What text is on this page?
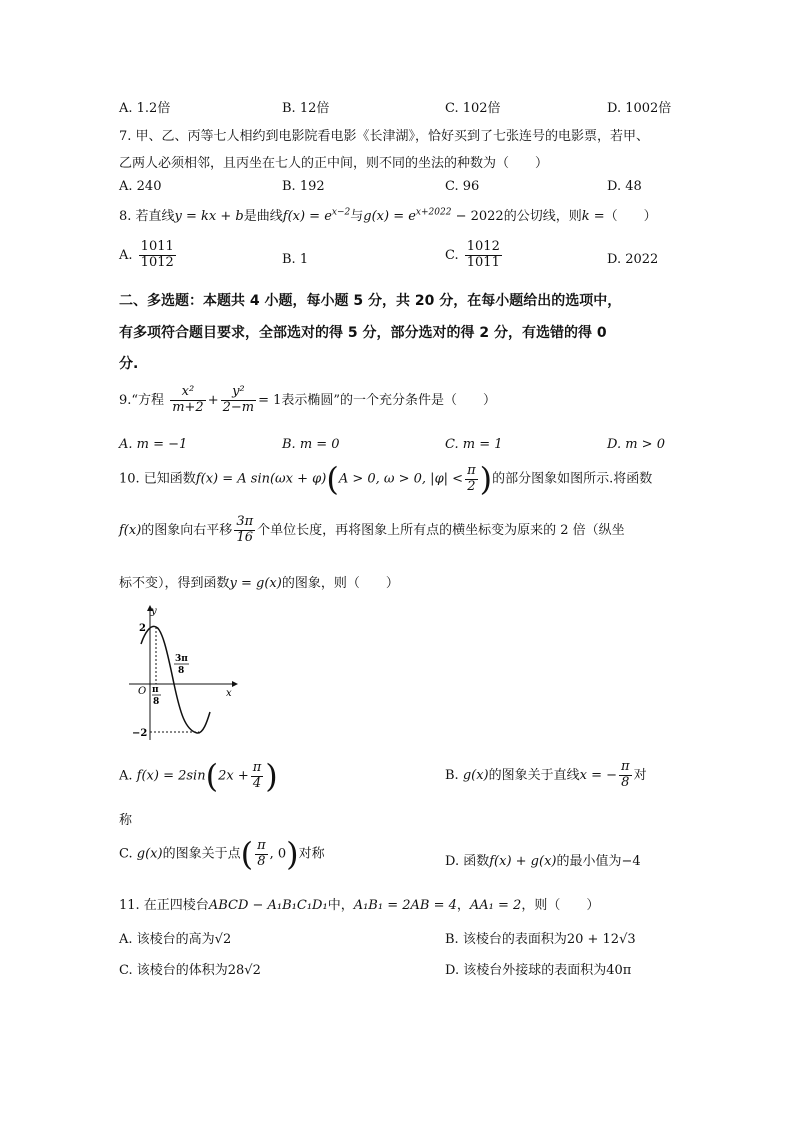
A. 1.2倍	B. 12倍	C. 102倍	D. 1002倍
7. 甲、乙、丙等七人相约到电影院看电影《长津湖》，恰好买到了七张连号的电影票，若甲、
乙两人必须相邻，且丙坐在七人的正中间，则不同的坐法的种数为（　　）
A. 240	B. 192	C. 96	D. 48
8. 若直线y = kx + b是曲线$f(x) = e^{x-2}$与$g(x) = e^{x+2022} - 2022$的公切线，则k =（　　）
A. $\frac{1011}{1012}$	B. 1	C. $\frac{1012}{1011}$	D. 2022
二、多选题：本题共 4 小题，每小题 5 分，共 20 分，在每小题给出的选项中，
有多项符合题目要求，全部选对的得 5 分，部分选对的得 2 分，有选错的得 0
分.
9.“方程 $\frac{\text{x²}}{m+2} + \frac{\text{y²}}{2-m} = 1$表示椭圆”的一个充分条件是（　　）
A. m = −1	B. m = 0	C. m = 1	D. m > 0
10. 已知函数f(x) = A sin(ωx + φ)(A > 0, ω > 0, $|\varphi| < \frac{\pi}{2}$ )的部分图象如图所示.将函数
f(x)的图象向右平移 $\frac{3\pi}{16}$ 个单位长度，再将图象上所有点的横坐标变为原来的 2 倍（纵坐
标不变），得到函数y = g(x)的图象，则（　　）
y
x
O
2
−2
π
8
3π
8
A. $f(x) = 2\sin(2x + \frac{\pi}{4}$ )	B. g(x)的图象关于直线x = − $\frac{\pi}{8}$ 对
称
C. g(x)的图象关于点( $\frac{\pi}{8}$ , 0)对称	D. 函数f(x) + g(x)的最小值为−4
11. 在正四棱台ABCD − A₁B₁C₁D₁中，A₁B₁ = 2AB = 4，AA₁ = 2，则（　　）
A. 该棱台的高为√2	B. 该棱台的表面积为20 + 12√3
C. 该棱台的体积为28√2	D. 该棱台外接球的表面积为40π
